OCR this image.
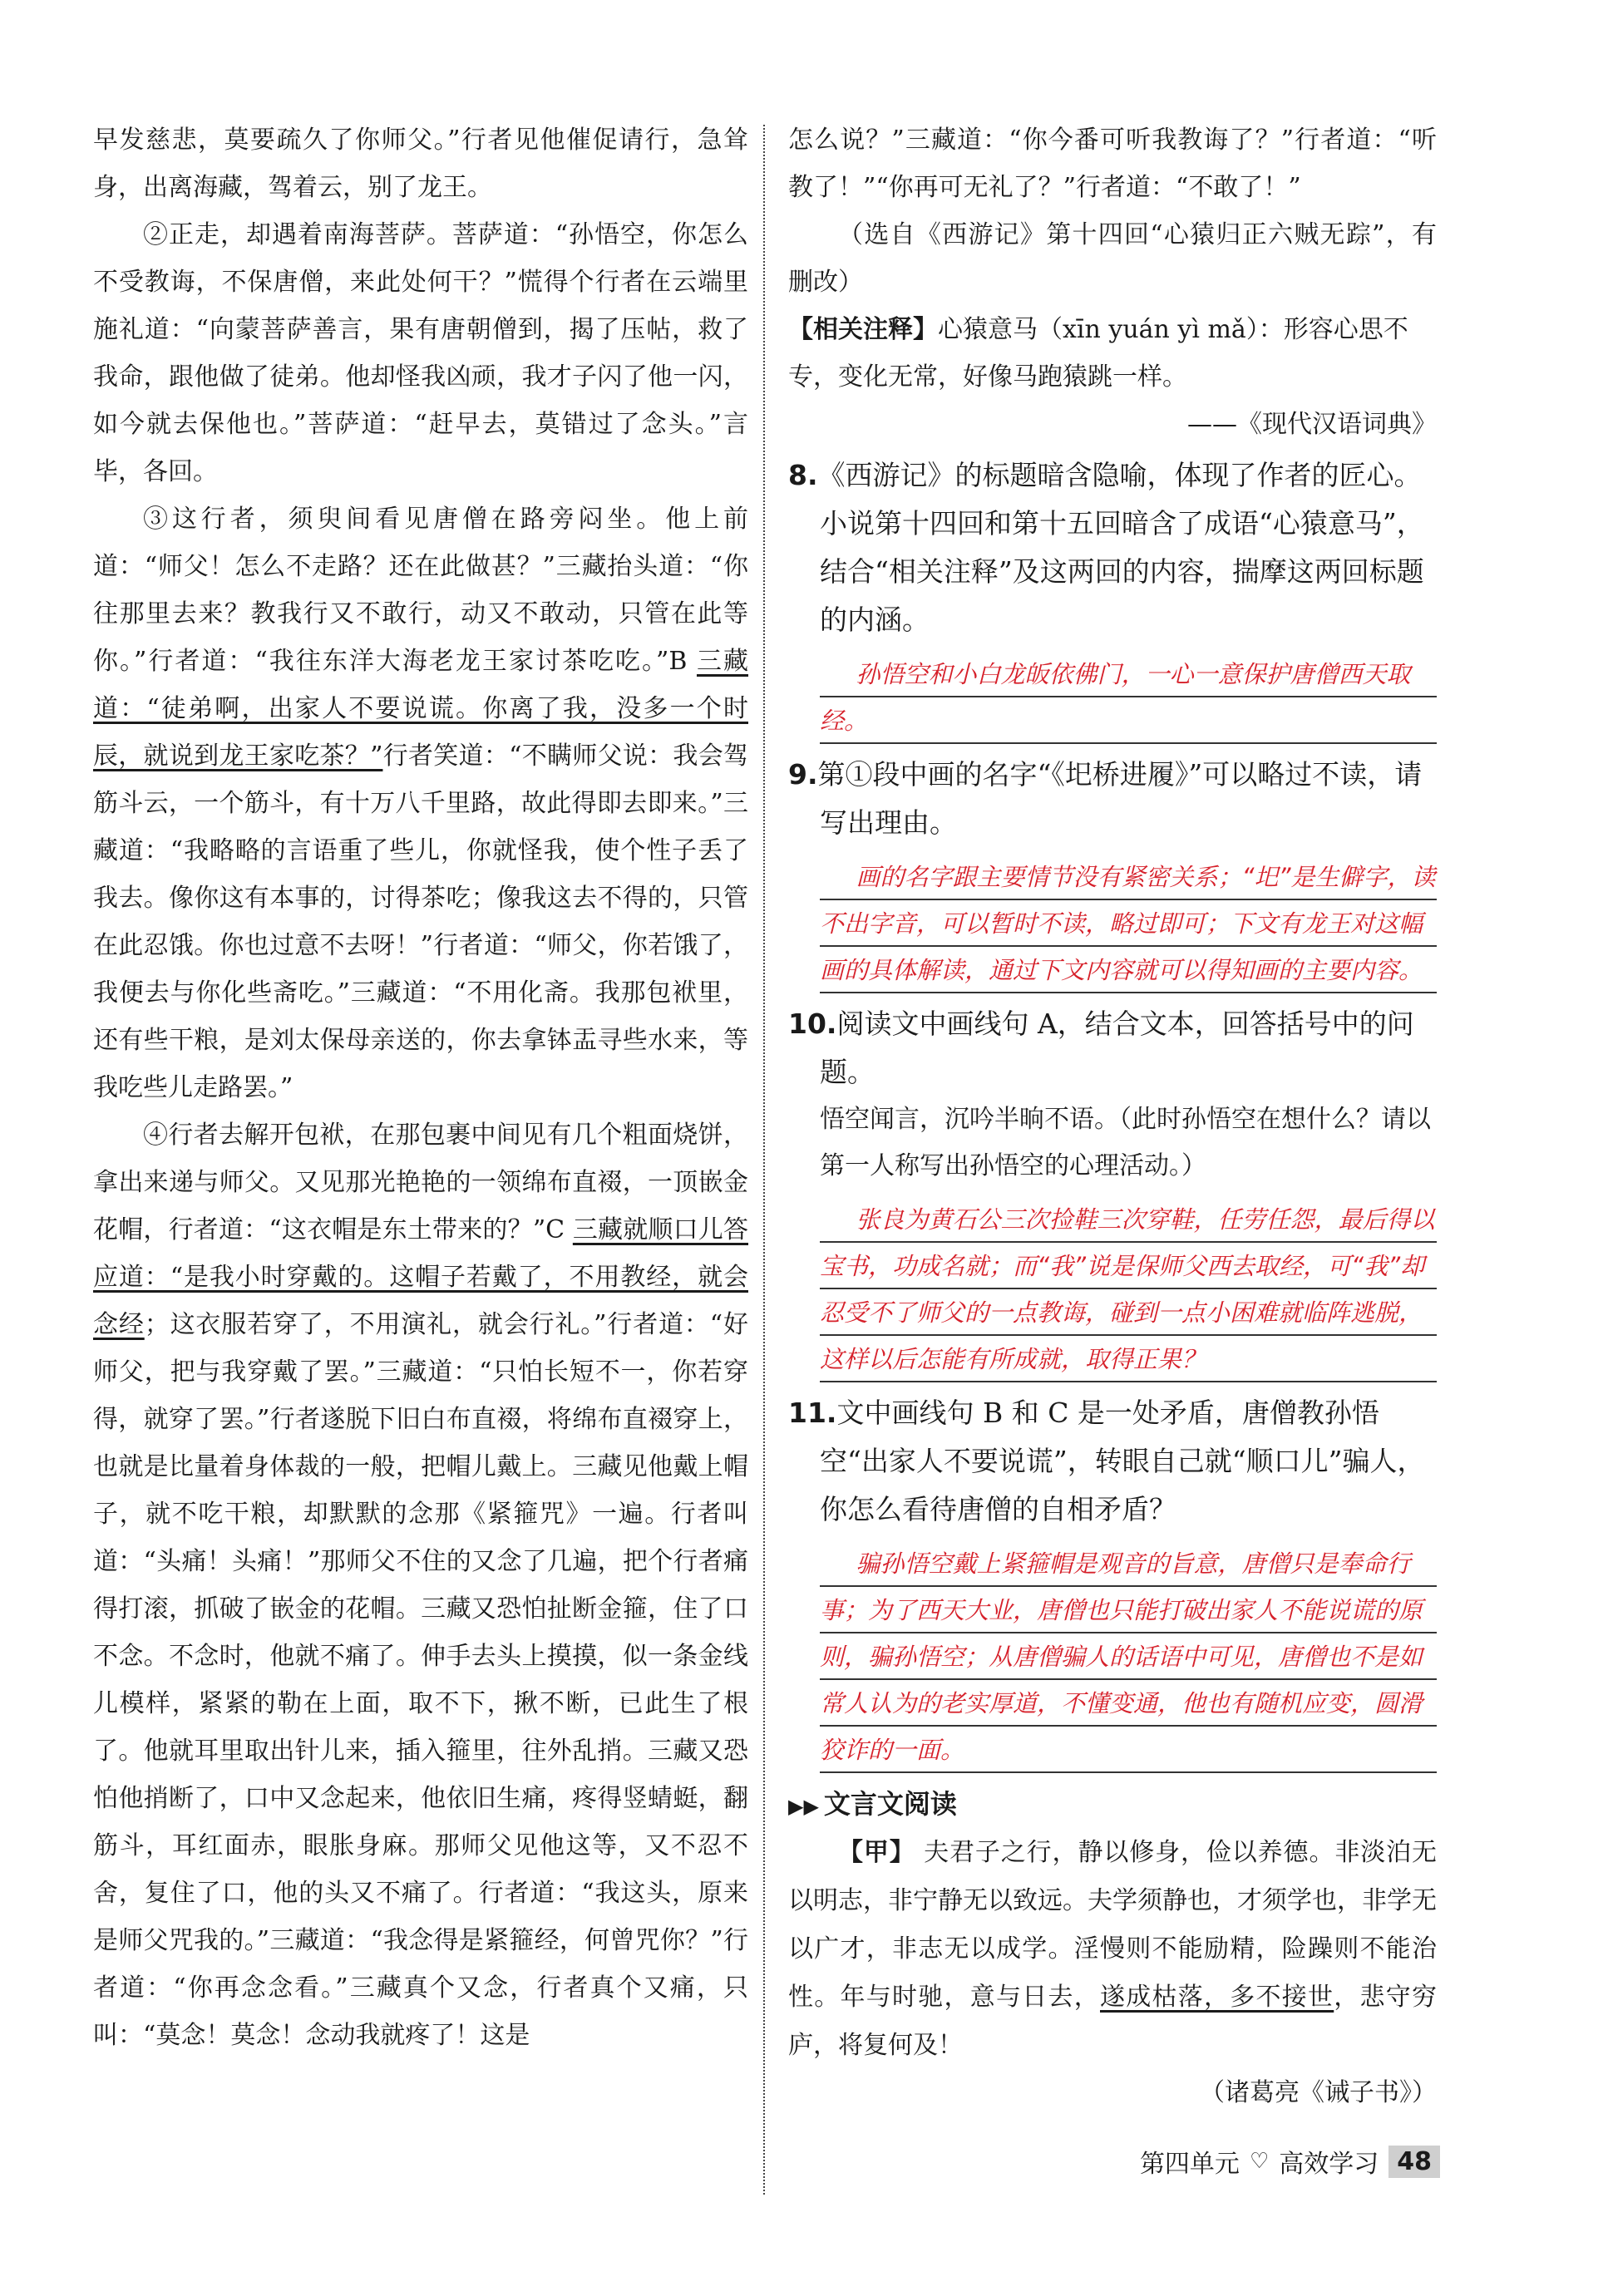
早发慈悲，莫要疏久了你师父。”行者见他催促请行，急耸身，出离海藏，驾着云，别了龙王。

②正走，却遇着南海菩萨。菩萨道：“孙悟空，你怎么不受教诲，不保唐僧，来此处何干？”慌得个行者在云端里施礼道：“向蒙菩萨善言，果有唐朝僧到，揭了压帖，救了我命，跟他做了徒弟。他却怪我凶顽，我才子闪了他一闪，如今就去保他也。”菩萨道：“赶早去，莫错过了念头。”言毕，各回。

③这行者，须臾间看见唐僧在路旁闷坐。他上前道：“师父！怎么不走路？还在此做甚？”三藏抬头道：“你往那里去来？教我行又不敢行，动又不敢动，只管在此等你。”行者道：“我往东洋大海老龙王家讨茶吃吃。”B 三藏道：“徒弟啊，出家人不要说谎。你离了我，没多一个时辰，就说到龙王家吃茶？”行者笑道：“不瞒师父说：我会驾筋斗云，一个筋斗，有十万八千里路，故此得即去即来。”三藏道：“我略略的言语重了些儿，你就怪我，使个性子丢了我去。像你这有本事的，讨得茶吃；像我这去不得的，只管在此忍饿。你也过意不去呀！”行者道：“师父，你若饿了，我便去与你化些斋吃。”三藏道：“不用化斋。我那包袱里，还有些干粮，是刘太保母亲送的，你去拿钵盂寻些水来，等我吃些儿走路罢。”

④行者去解开包袱，在那包裹中间见有几个粗面烧饼，拿出来递与师父。又见那光艳艳的一领绵布直裰，一顶嵌金花帽，行者道：“这衣帽是东土带来的？”C 三藏就顺口儿答应道：“是我小时穿戴的。这帽子若戴了，不用教经，就会念经；这衣服若穿了，不用演礼，就会行礼。”行者道：“好师父，把与我穿戴了罢。”三藏道：“只怕长短不一，你若穿得，就穿了罢。”行者遂脱下旧白布直裰，将绵布直裰穿上，也就是比量着身体裁的一般，把帽儿戴上。三藏见他戴上帽子，就不吃干粮，却默默的念那《紧箍咒》一遍。行者叫道：“头痛！头痛！”那师父不住的又念了几遍，把个行者痛得打滚，抓破了嵌金的花帽。三藏又恐怕扯断金箍，住了口不念。不念时，他就不痛了。伸手去头上摸摸，似一条金线儿模样，紧紧的勒在上面，取不下，揪不断，已此生了根了。他就耳里取出针儿来，插入箍里，往外乱捎。三藏又恐怕他捎断了，口中又念起来，他依旧生痛，疼得竖蜻蜓，翻筋斗，耳红面赤，眼胀身麻。那师父见他这等，又不忍不舍，复住了口，他的头又不痛了。行者道：“我这头，原来是师父咒我的。”三藏道：“我念得是紧箍经，何曾咒你？”行者道：“你再念念看。”三藏真个又念，行者真个又痛，只叫：“莫念！莫念！念动我就疼了！这是

怎么说？”三藏道：“你今番可听我教诲了？”行者道：“听教了！”“你再可无礼了？”行者道：“不敢了！”

（选自《西游记》第十四回“心猿归正六贼无踪”，有删改）

【相关注释】心猿意马（xīn yuán yì mǎ）：形容心思不专，变化无常，好像马跑猿跳一样。

——《现代汉语词典》

8.《西游记》的标题暗含隐喻，体现了作者的匠心。小说第十四回和第十五回暗含了成语“心猿意马”，结合“相关注释”及这两回的内容，揣摩这两回标题的内涵。

孙悟空和小白龙皈依佛门，一心一意保护唐僧西天取经。

9.第①段中画的名字“《圯桥进履》”可以略过不读，请写出理由。

画的名字跟主要情节没有紧密关系；“圯”是生僻字，读不出字音，可以暂时不读，略过即可；下文有龙王对这幅画的具体解读，通过下文内容就可以得知画的主要内容。

10.阅读文中画线句 A，结合文本，回答括号中的问题。

悟空闻言，沉吟半晌不语。（此时孙悟空在想什么？请以第一人称写出孙悟空的心理活动。）

张良为黄石公三次捡鞋三次穿鞋，任劳任怨，最后得以宝书，功成名就；而“我”说是保师父西去取经，可“我”却忍受不了师父的一点教诲，碰到一点小困难就临阵逃脱，这样以后怎能有所成就，取得正果？

11.文中画线句 B 和 C 是一处矛盾，唐僧教孙悟空“出家人不要说谎”，转眼自己就“顺口儿”骗人，你怎么看待唐僧的自相矛盾？

骗孙悟空戴上紧箍帽是观音的旨意，唐僧只是奉命行事；为了西天大业，唐僧也只能打破出家人不能说谎的原则，骗孙悟空；从唐僧骗人的话语中可见，唐僧也不是如常人认为的老实厚道，不懂变通，他也有随机应变，圆滑狡诈的一面。

▶▶ 文言文阅读

【甲】 夫君子之行，静以修身，俭以养德。非淡泊无以明志，非宁静无以致远。夫学须静也，才须学也，非学无以广才，非志无以成学。淫慢则不能励精，险躁则不能治性。年与时驰，意与日去，遂成枯落，多不接世，悲守穷庐，将复何及！

（诸葛亮《诫子书》）

第四单元 ♡ 高效学习 48
